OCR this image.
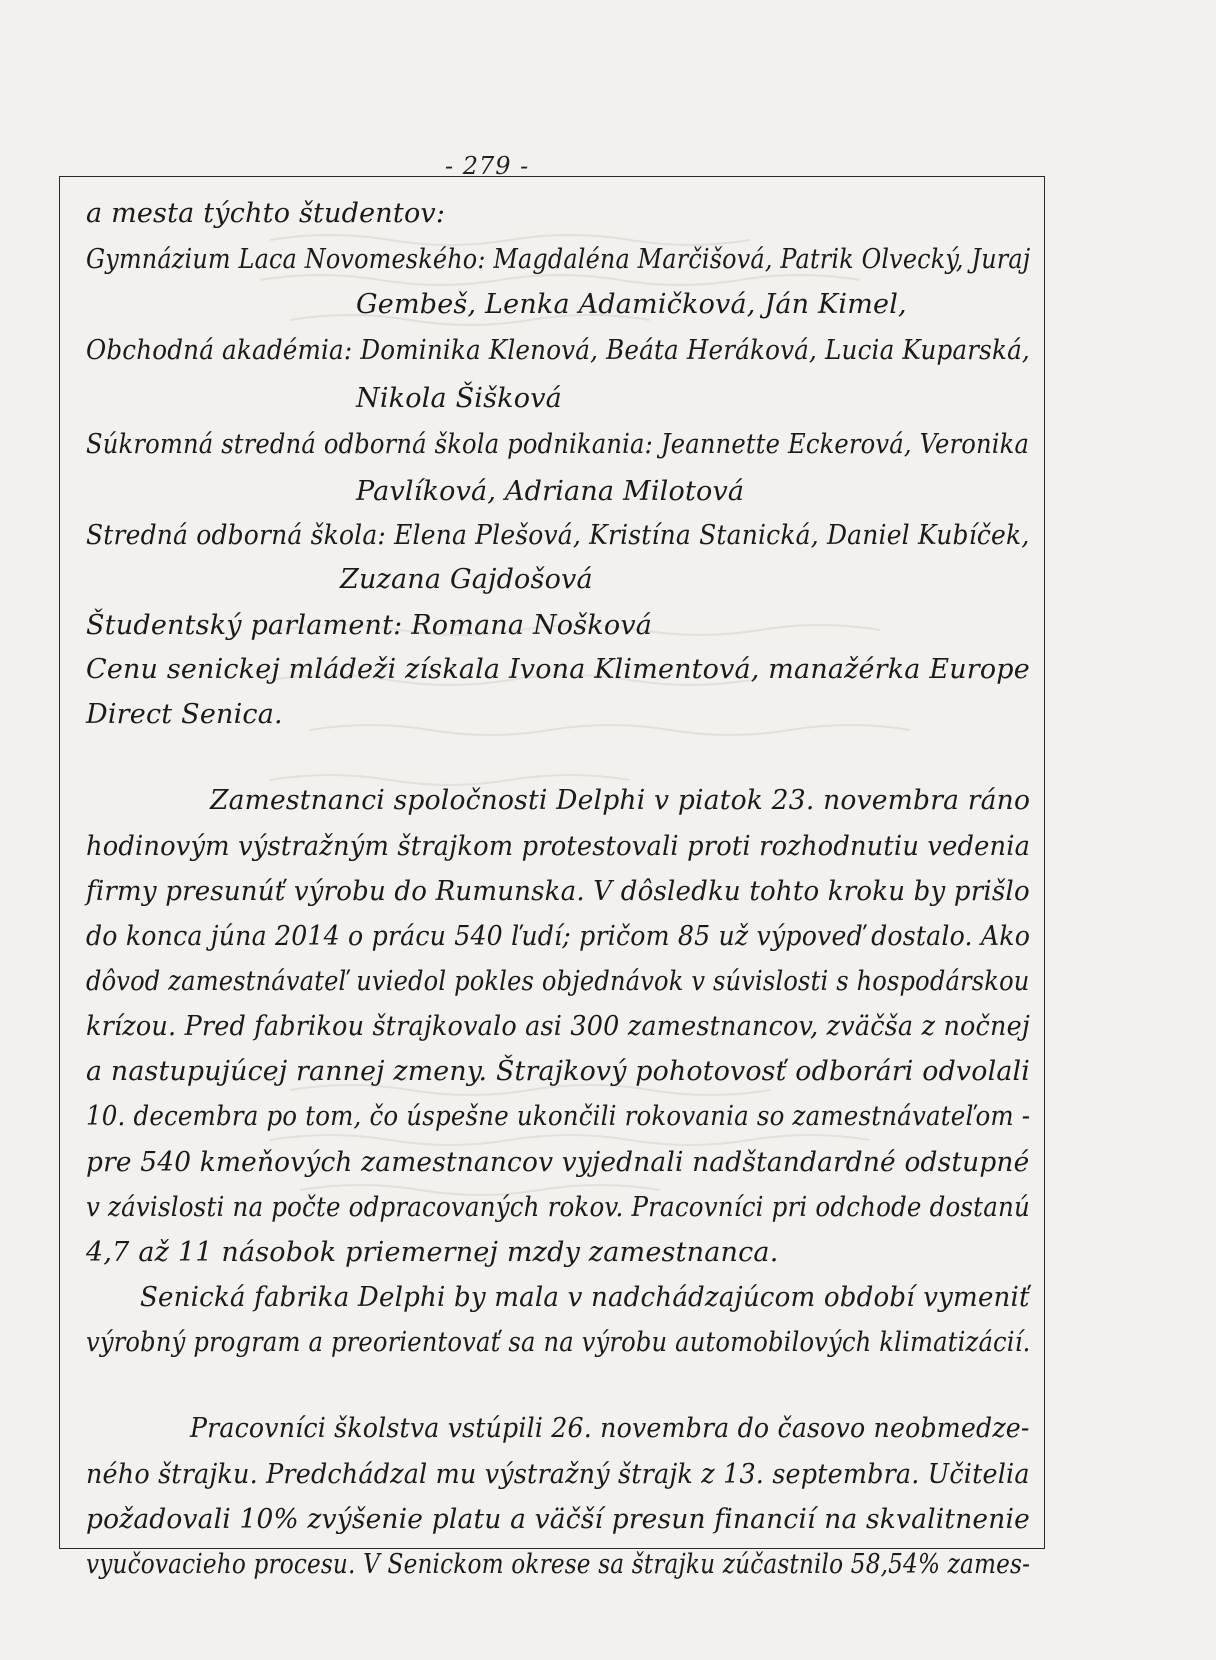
- 279 -
a mesta týchto študentov:
Gymnázium Laca Novomeského: Magdaléna Marčišová, Patrik Olvecký, Juraj
Gembeš, Lenka Adamičková, Ján Kimel,
Obchodná akadémia: Dominika Klenová, Beáta Heráková, Lucia Kuparská,
Nikola Šišková
Súkromná stredná odborná škola podnikania: Jeannette Eckerová, Veronika
Pavlíková, Adriana Milotová
Stredná odborná škola: Elena Plešová, Kristína Stanická, Daniel Kubíček,
Zuzana Gajdošová
Študentský parlament: Romana Nošková
Cenu senickej mládeži získala Ivona Klimentová, manažérka Europe
Direct Senica.
Zamestnanci spoločnosti Delphi v piatok 23. novembra ráno
hodinovým výstražným štrajkom protestovali proti rozhodnutiu vedenia
firmy presunúť výrobu do Rumunska. V dôsledku tohto kroku by prišlo
do konca júna 2014 o prácu 540 ľudí; pričom 85 už výpoveď dostalo. Ako
dôvod zamestnávateľ uviedol pokles objednávok v súvislosti s hospodárskou
krízou. Pred fabrikou štrajkovalo asi 300 zamestnancov, zväčša z nočnej
a nastupujúcej rannej zmeny. Štrajkový pohotovosť odborári odvolali
10. decembra po tom, čo úspešne ukončili rokovania so zamestnávateľom -
pre 540 kmeňových zamestnancov vyjednali nadštandardné odstupné
v závislosti na počte odpracovaných rokov. Pracovníci pri odchode dostanú
4,7 až 11 násobok priemernej mzdy zamestnanca.
Senická fabrika Delphi by mala v nadchádzajúcom období vymeniť
výrobný program a preorientovať sa na výrobu automobilových klimatizácií.
Pracovníci školstva vstúpili 26. novembra do časovo neobmedze-
ného štrajku. Predchádzal mu výstražný štrajk z 13. septembra. Učitelia
požadovali 10% zvýšenie platu a väčší presun financií na skvalitnenie
vyučovacieho procesu. V Senickom okrese sa štrajku zúčastnilo 58,54% zames-
